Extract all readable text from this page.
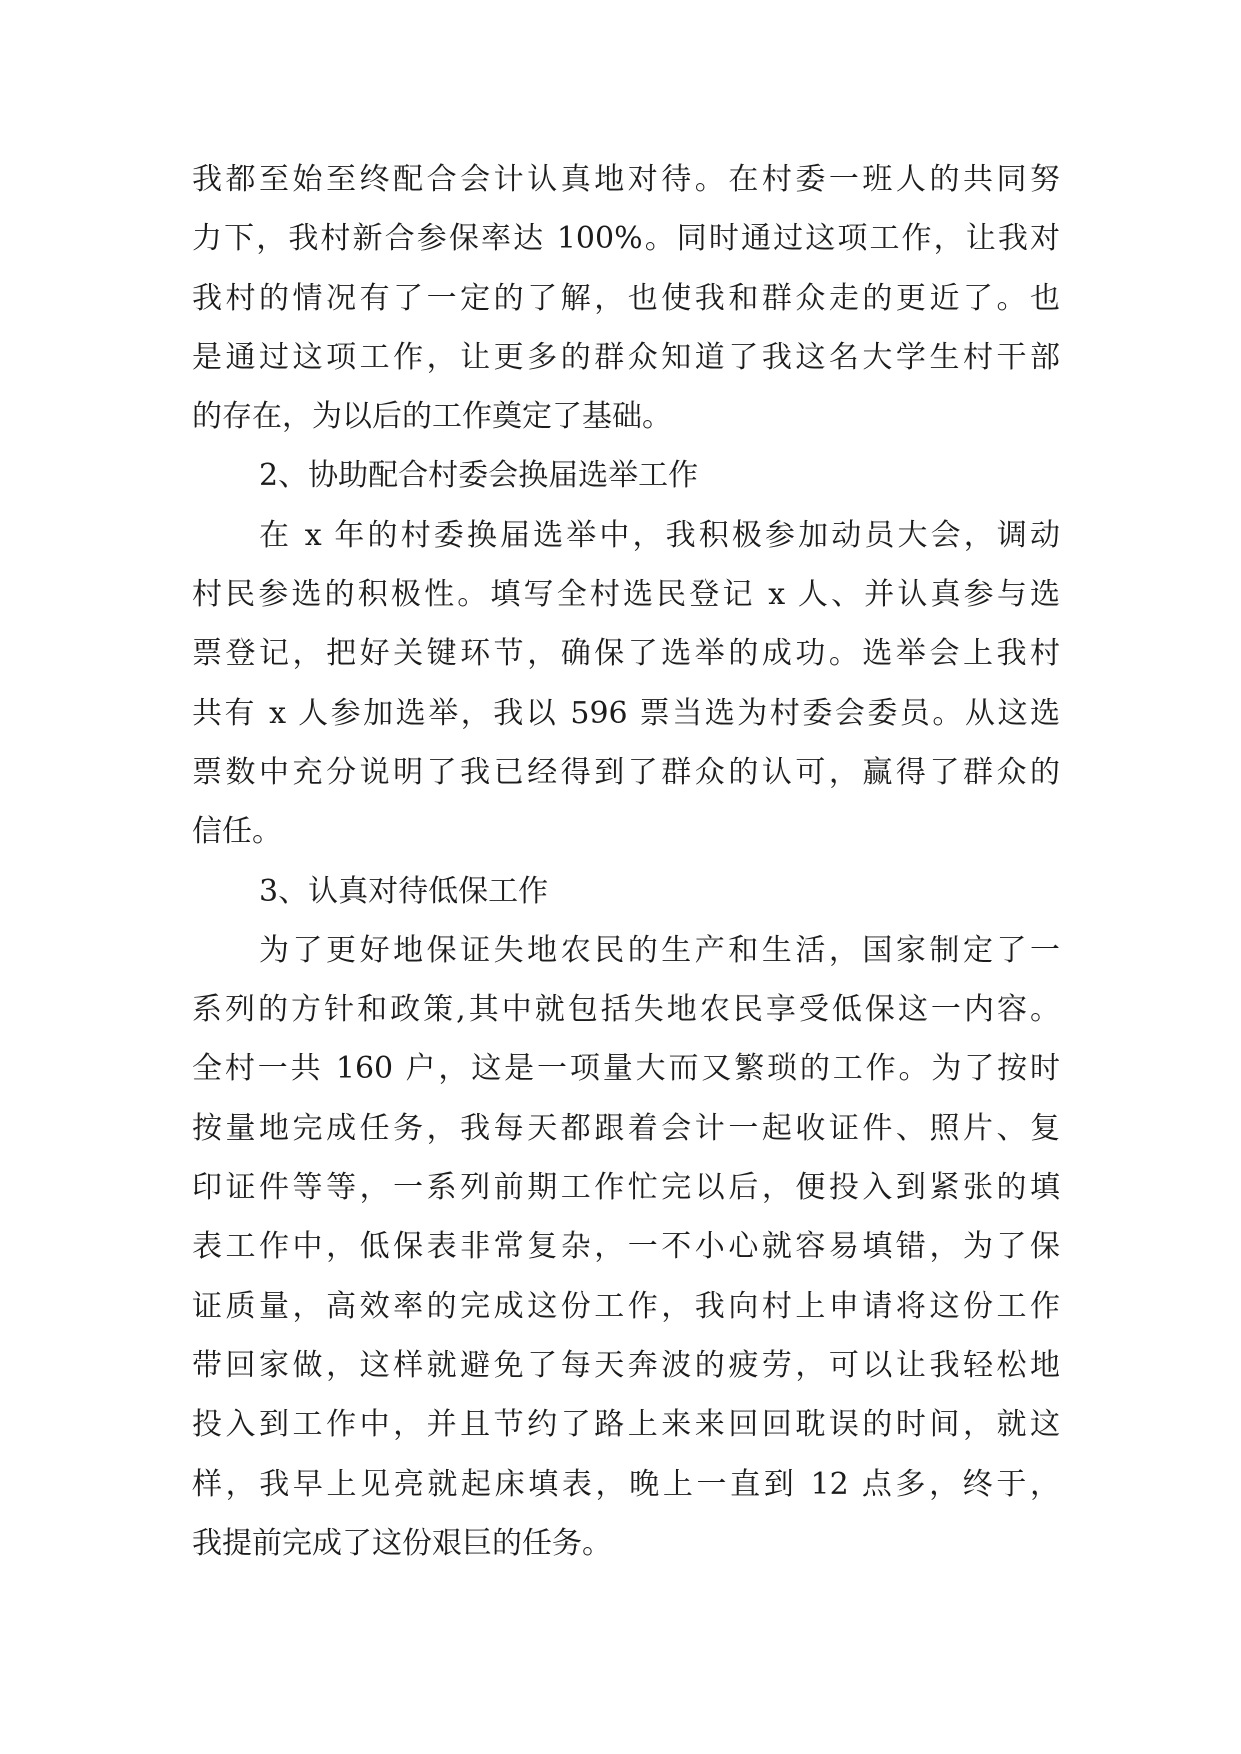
我都至始至终配合会计认真地对待。在村委一班人的共同努
力下，我村新合参保率达 100%。同时通过这项工作，让我对
我村的情况有了一定的了解，也使我和群众走的更近了。也
是通过这项工作，让更多的群众知道了我这名大学生村干部
的存在，为以后的工作奠定了基础。
2、协助配合村委会换届选举工作
在 x 年的村委换届选举中，我积极参加动员大会，调动
村民参选的积极性。填写全村选民登记 x 人、并认真参与选
票登记，把好关键环节，确保了选举的成功。选举会上我村
共有 x 人参加选举，我以 596 票当选为村委会委员。从这选
票数中充分说明了我已经得到了群众的认可，赢得了群众的
信任。
3、认真对待低保工作
为了更好地保证失地农民的生产和生活，国家制定了一
系列的方针和政策,其中就包括失地农民享受低保这一内容。
全村一共 160 户，这是一项量大而又繁琐的工作。为了按时
按量地完成任务，我每天都跟着会计一起收证件、照片、复
印证件等等，一系列前期工作忙完以后，便投入到紧张的填
表工作中，低保表非常复杂，一不小心就容易填错，为了保
证质量，高效率的完成这份工作，我向村上申请将这份工作
带回家做，这样就避免了每天奔波的疲劳，可以让我轻松地
投入到工作中，并且节约了路上来来回回耽误的时间，就这
样，我早上见亮就起床填表，晚上一直到 12 点多，终于，
我提前完成了这份艰巨的任务。
